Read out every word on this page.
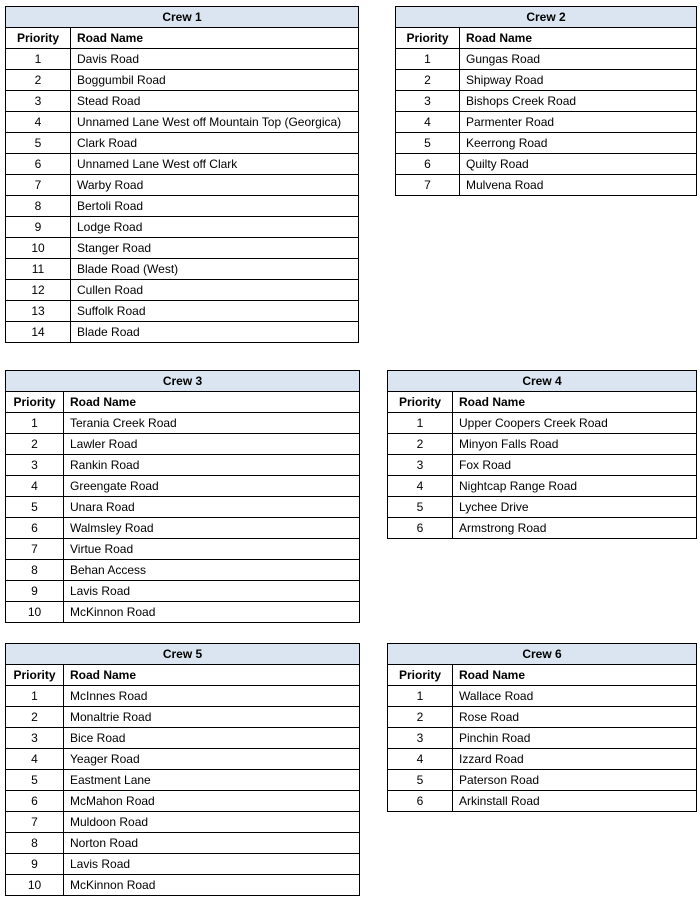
Crew 1	
Priority	Road Name
1	Davis Road
2	Boggumbil Road
3	Stead Road
4	Unnamed Lane West off Mountain Top (Georgica)
5	Clark Road
6	Unnamed Lane West off Clark
7	Warby Road
8	Bertoli Road
9	Lodge Road
10	Stanger Road
11	Blade Road (West)
12	Cullen Road
13	Suffolk Road
14	Blade Road
Crew 2	
Priority	Road Name
1	Gungas Road
2	Shipway Road
3	Bishops Creek Road
4	Parmenter Road
5	Keerrong Road
6	Quilty Road
7	Mulvena Road
Crew 3	
Priority	Road Name
1	Terania Creek Road
2	Lawler Road
3	Rankin Road
4	Greengate Road
5	Unara Road
6	Walmsley Road
7	Virtue Road
8	Behan Access
9	Lavis Road
10	McKinnon Road
Crew 4	
Priority	Road Name
1	Upper Coopers Creek Road
2	Minyon Falls Road
3	Fox Road
4	Nightcap Range Road
5	Lychee Drive
6	Armstrong Road
Crew 5	
Priority	Road Name
1	McInnes Road
2	Monaltrie Road
3	Bice Road
4	Yeager Road
5	Eastment Lane
6	McMahon Road
7	Muldoon Road
8	Norton Road
9	Lavis Road
10	McKinnon Road
Crew 6	
Priority	Road Name
1	Wallace Road
2	Rose Road
3	Pinchin Road
4	Izzard Road
5	Paterson Road
6	Arkinstall Road
